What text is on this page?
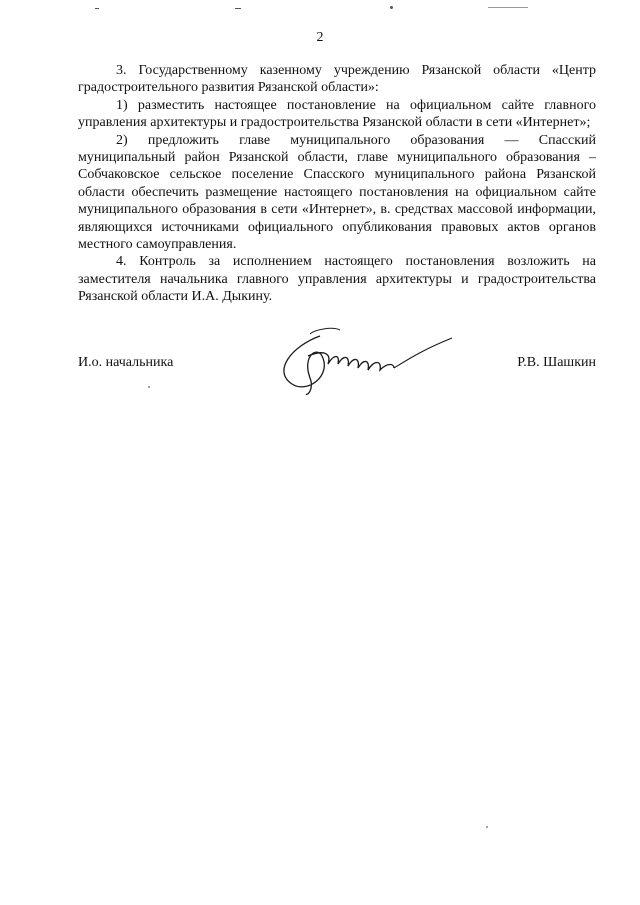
2

3. Государственному казенному учреждению Рязанской области «Центр градостроительного развития Рязанской области»:

1) разместить настоящее постановление на официальном сайте главного управления архитектуры и градостроительства Рязанской области в сети «Интернет»;

2) предложить главе муниципального образования — Спасский муниципальный район Рязанской области, главе муниципального образования – Собчаковское сельское поселение Спасского муниципального района Рязанской области обеспечить размещение настоящего постановления на официальном сайте муниципального образования в сети «Интернет», в. средствах массовой информации, являющихся источниками официального опубликования правовых актов органов местного самоуправления.

4. Контроль за исполнением настоящего постановления возложить на заместителя начальника главного управления архитектуры и градостроительства Рязанской области И.А. Дыкину.

И.о. начальника	Р.В. Шашкин
